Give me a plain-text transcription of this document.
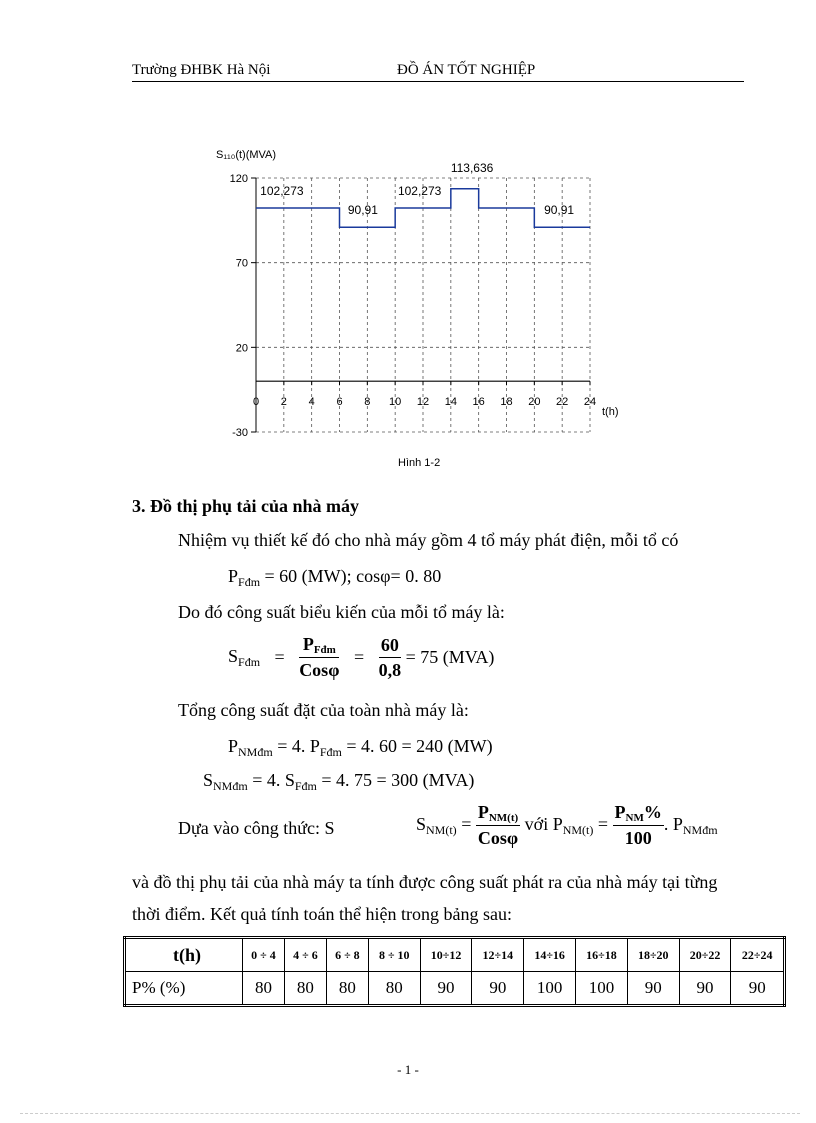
Trường ĐHBK Hà Nội	ĐỒ ÁN TỐT NGHIỆP
-30
20
70
120
0 2 4 6 8 10 12 14 16 18 20 22 24
102,273
90,91
102,273
113,636
90,91
S₁₁₀(t)(MVA)
t(h)
Hình 1-2
3. Đồ thị phụ tải của nhà máy
Nhiệm vụ thiết kế đó cho nhà máy gồm 4 tổ máy phát điện, mỗi tổ có
$P_{Fđm} = 60$ (MW); cosφ= 0. 80
Do đó công suất biểu kiến của mỗi tổ máy là:
$S_{Fđm} = \frac{\text{PFđm}}{\text{Cosφ}} = \frac{60}{0,8} = 75$ (MVA)
Tổng công suất đặt của toàn nhà máy là:
$P_{NMđm} = 4$. $P_{Fđm} = 4$. 60 = 240 (MW)
$S_{NMđm} = 4$. $S_{Fđm} = 4$. 75 = 300 (MVA)
Dựa vào công thức: S	$S_{NM(t)} = \frac{\text{PNM(t)}}{\text{Cosφ}}$ với $P_{NM(t)} = \frac{\text{PNM\%}}{100}$ . $P_{NMđm}$
và đồ thị phụ tải của nhà máy ta tính được công suất phát ra của nhà máy tại từng
thời điểm. Kết quả tính toán thể hiện trong bảng sau:
t(h)	0 ÷ 4	4 ÷ 6	6 ÷ 8	8 ÷ 10	10÷12	12÷14	14÷16	16÷18	18÷20	20÷22	22÷24
P% (%)	80	80	80	80	90	90	100	100	90	90	90
- 1 -
